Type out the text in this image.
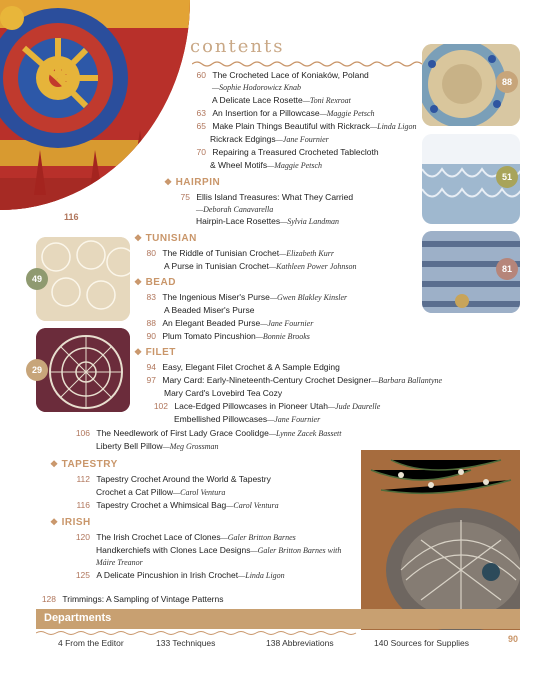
116
contents
88
51
81
49
29
90
60 The Crocheted Lace of Koniaków, Poland
—Sophie Hodorowicz Knab
A Delicate Lace Rosette—Toni Rexroat
63 An Insertion for a Pillowcase—Maggie Petsch
65 Make Plain Things Beautiful with Rickrack—Linda Ligon
Rickrack Edgings—Jane Fournier
70 Repairing a Treasured Crocheted Tablecloth
& Wheel Motifs—Maggie Petsch
❖ HAIRPIN
75 Ellis Island Treasures: What They Carried
—Deborah Canavarella
Hairpin-Lace Rosettes—Sylvia Landman
❖ TUNISIAN
80 The Riddle of Tunisian Crochet—Elizabeth Kurr
A Purse in Tunisian Crochet—Kathleen Power Johnson
❖ BEAD
83 The Ingenious Miser's Purse—Gwen Blakley Kinsler
A Beaded Miser's Purse
88 An Elegant Beaded Purse—Jane Fournier
90 Plum Tomato Pincushion—Bonnie Brooks
❖ FILET
94 Easy, Elegant Filet Crochet & A Sample Edging
97 Mary Card: Early-Nineteenth-Century Crochet Designer—Barbara Ballantyne
Mary Card's Lovebird Tea Cozy
102 Lace-Edged Pillowcases in Pioneer Utah—Jude Daurelle
Embellished Pillowcases—Jane Fournier
106 The Needlework of First Lady Grace Coolidge—Lynne Zacek Bassett
Liberty Bell Pillow—Meg Grossman
❖ TAPESTRY
112 Tapestry Crochet Around the World & Tapestry
Crochet a Cat Pillow—Carol Ventura
116 Tapestry Crochet a Whimsical Bag—Carol Ventura
❖ IRISH
120 The Irish Crochet Lace of Clones—Galer Britton Barnes
Handkerchiefs with Clones Lace Designs—Galer Britton Barnes with
Máire Treanor
125 A Delicate Pincushion in Irish Crochet—Linda Ligon
128 Trimmings: A Sampling of Vintage Patterns
Departments
4 From the Editor	133 Techniques	138 Abbreviations	140 Sources for Supplies
